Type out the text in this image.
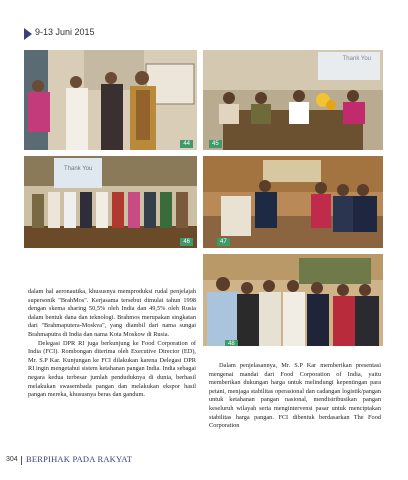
9-13 Juni 2015
44
Thank You
45
Thank You
46	47
48

dalam hal aeronautika, khususnya memproduksi rudal penjelajah supersonik "BrahMos". Kerjasama tersebut dimulai tahun 1998 dengan skema sharing 50,5% oleh India dan 49,5% oleh Rusia dalam bentuk dana dan teknologi. Brahmos merupakan singkatan dari "Brahmaputera-Moskva", yang diambil dari nama sungai Brahmaputra di India dan nama Kota Moskow di Rusia.

Delegasi DPR RI juga berkunjung ke Food Corporation of India (FCI). Rombongan diterima oleh Executive Director (ED), Mr. S.P Kar. Kunjungan ke FCI dilakukan karena Delegasi DPR RI ingin mengetahui sistem ketahanan pangan India. India sebagai negara kedua terbesar jumlah penduduknya di dunia, berhasil melakukan swasembada pangan dan melakukan ekspor hasil pangan mereka, khususnya beras dan gandum.

Dalam penjelasannya, Mr. S.P Kar memberikan presentasi mengenai mandat dari Food Corporation of India, yaitu memberikan dukungan harga untuk melindungi kepentingan para petani, menjaga stabilitas operasional dan cadangan logistik/pangan untuk ketahanan pangan nasional, mendistribusikan pangan keseluruh wilayah serta mengintervensi pasar untuk menciptakan stabilitas harga pangan. FCI dibentuk berdasarkan The Food Corporation

304 BERPIHAK PADA RAKYAT
